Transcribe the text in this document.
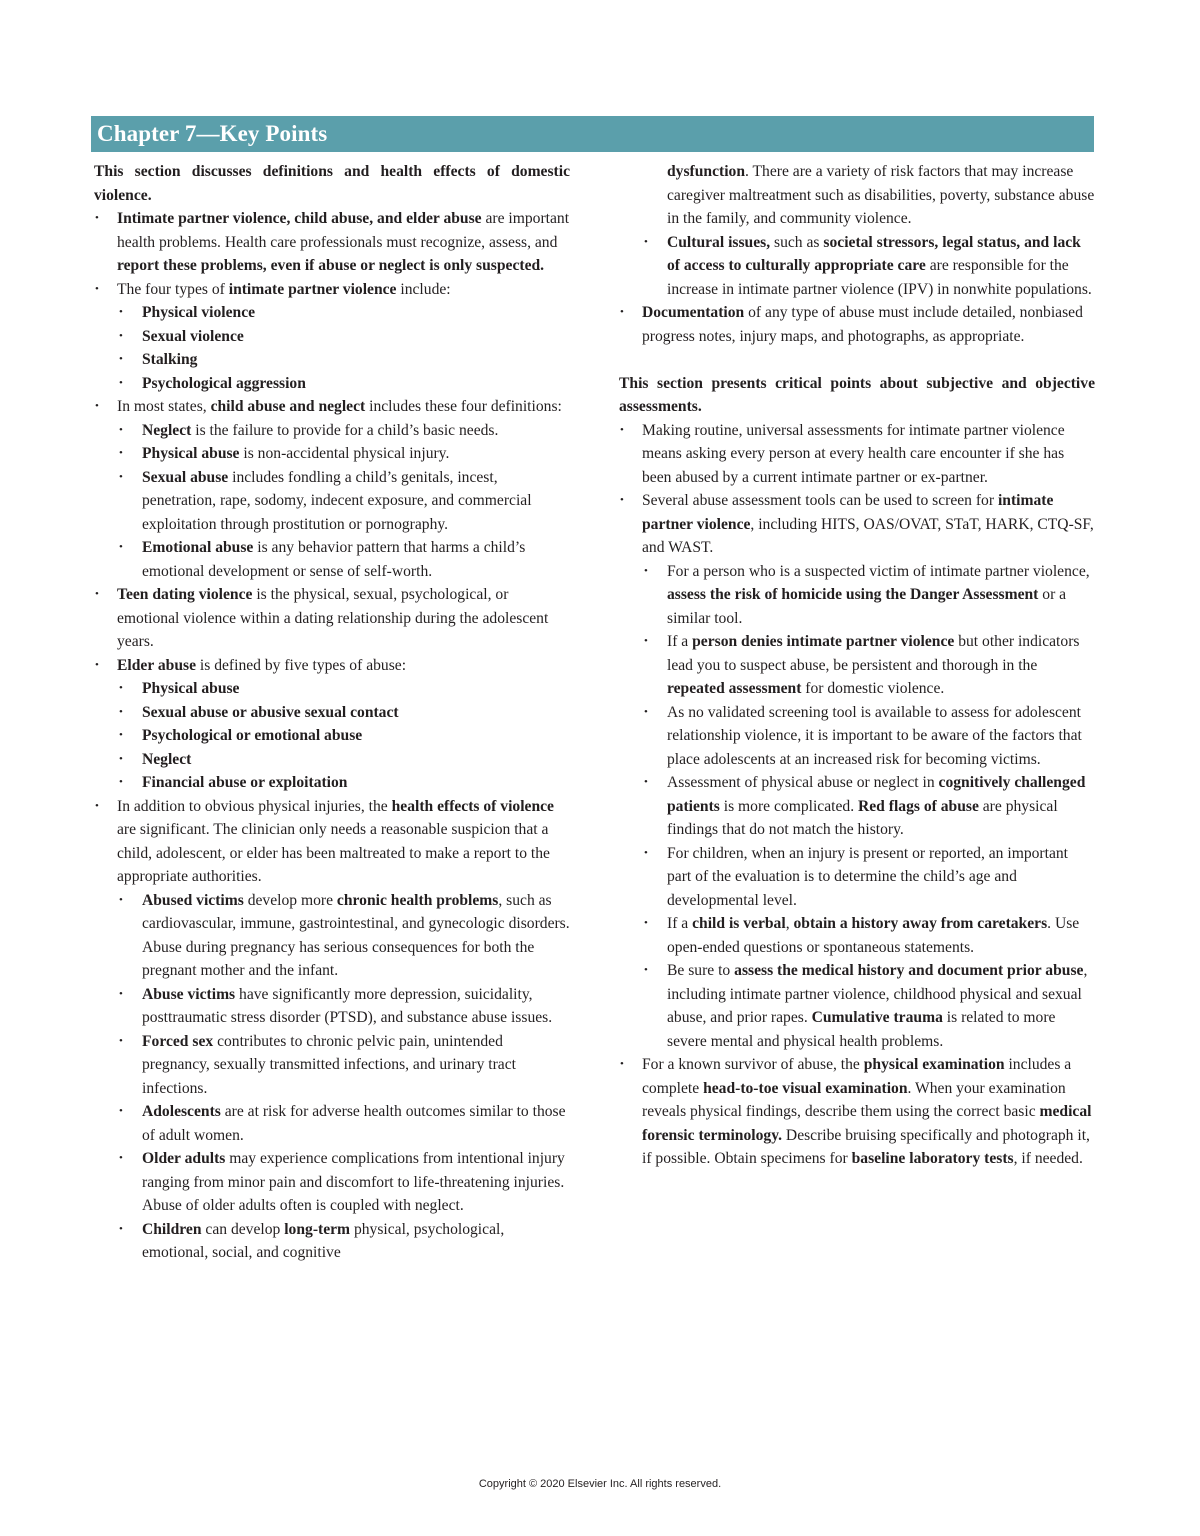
Chapter 7—Key Points

This section discusses definitions and health effects of domestic violence.

• Intimate partner violence, child abuse, and elder abuse are important health problems. Health care professionals must recognize, assess, and report these problems, even if abuse or neglect is only suspected.
• The four types of intimate partner violence include:
• Physical violence
• Sexual violence
• Stalking
• Psychological aggression
• In most states, child abuse and neglect includes these four definitions:
• Neglect is the failure to provide for a child’s basic needs.
• Physical abuse is non-accidental physical injury.
• Sexual abuse includes fondling a child’s genitals, incest, penetration, rape, sodomy, indecent exposure, and commercial exploitation through prostitution or pornography.
• Emotional abuse is any behavior pattern that harms a child’s emotional development or sense of self-worth.
• Teen dating violence is the physical, sexual, psychological, or emotional violence within a dating relationship during the adolescent years.
• Elder abuse is defined by five types of abuse:
• Physical abuse
• Sexual abuse or abusive sexual contact
• Psychological or emotional abuse
• Neglect
• Financial abuse or exploitation
• In addition to obvious physical injuries, the health effects of violence are significant. The clinician only needs a reasonable suspicion that a child, adolescent, or elder has been maltreated to make a report to the appropriate authorities.
• Abused victims develop more chronic health problems, such as cardiovascular, immune, gastrointestinal, and gynecologic disorders. Abuse during pregnancy has serious consequences for both the pregnant mother and the infant.
• Abuse victims have significantly more depression, suicidality, posttraumatic stress disorder (PTSD), and substance abuse issues.
• Forced sex contributes to chronic pelvic pain, unintended pregnancy, sexually transmitted infections, and urinary tract infections.
• Adolescents are at risk for adverse health outcomes similar to those of adult women.
• Older adults may experience complications from intentional injury ranging from minor pain and discomfort to life-threatening injuries. Abuse of older adults often is coupled with neglect.
• Children can develop long-term physical, psychological, emotional, social, and cognitive
dysfunction. There are a variety of risk factors that may increase caregiver maltreatment such as disabilities, poverty, substance abuse in the family, and community violence.
• Cultural issues, such as societal stressors, legal status, and lack of access to culturally appropriate care are responsible for the increase in intimate partner violence (IPV) in nonwhite populations.
• Documentation of any type of abuse must include detailed, nonbiased progress notes, injury maps, and photographs, as appropriate.

This section presents critical points about subjective and objective assessments.

• Making routine, universal assessments for intimate partner violence means asking every person at every health care encounter if she has been abused by a current intimate partner or ex-partner.
• Several abuse assessment tools can be used to screen for intimate partner violence, including HITS, OAS/OVAT, STaT, HARK, CTQ-SF, and WAST.
• For a person who is a suspected victim of intimate partner violence, assess the risk of homicide using the Danger Assessment or a similar tool.
• If a person denies intimate partner violence but other indicators lead you to suspect abuse, be persistent and thorough in the repeated assessment for domestic violence.
• As no validated screening tool is available to assess for adolescent relationship violence, it is important to be aware of the factors that place adolescents at an increased risk for becoming victims.
• Assessment of physical abuse or neglect in cognitively challenged patients is more complicated. Red flags of abuse are physical findings that do not match the history.
• For children, when an injury is present or reported, an important part of the evaluation is to determine the child’s age and developmental level.
• If a child is verbal, obtain a history away from caretakers. Use open-ended questions or spontaneous statements.
• Be sure to assess the medical history and document prior abuse, including intimate partner violence, childhood physical and sexual abuse, and prior rapes. Cumulative trauma is related to more severe mental and physical health problems.
• For a known survivor of abuse, the physical examination includes a complete head-to-toe visual examination. When your examination reveals physical findings, describe them using the correct basic medical forensic terminology. Describe bruising specifically and photograph it, if possible. Obtain specimens for baseline laboratory tests, if needed.
Copyright © 2020 Elsevier Inc. All rights reserved.
